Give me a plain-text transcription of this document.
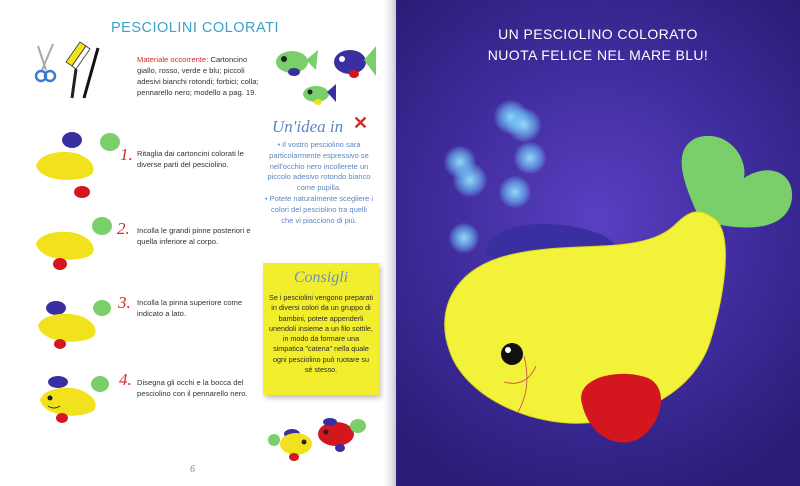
PESCIOLINI COLORATI
Materiale occorrente: Cartoncino giallo, rosso, verde e blu; piccoli adesivi bianchi rotondi; forbici; colla; pennarello nero; modello a pag. 19.
Un'idea in ✕
• Il vostro pesciolino sarà particolarmente espressivo se nell'occhio nero incollerete un piccolo adesivo rotondo bianco come pupilla.
• Potete naturalmente scegliere i colori del pesciolino tra quelli che vi piacciono di più.
1. Ritaglia dai cartoncini colorati le diverse parti del pesciolino.
2. Incolla le grandi pinne posteriori e quella inferiore al corpo.
3. Incolla la pinna superiore come indicato a lato.
4. Disegna gli occhi e la bocca del pesciolino con il pennarello nero.
Consigli
Se i pesciolini vengono preparati in diversi colori da un gruppo di bambini, potete appenderli unendoli insieme a un filo sottile, in modo da formare una simpatica "catena" nella quale ogni pesciolino può ruotare su sé stesso.
6
UN PESCIOLINO COLORATO
NUOTA FELICE NEL MARE BLU!
